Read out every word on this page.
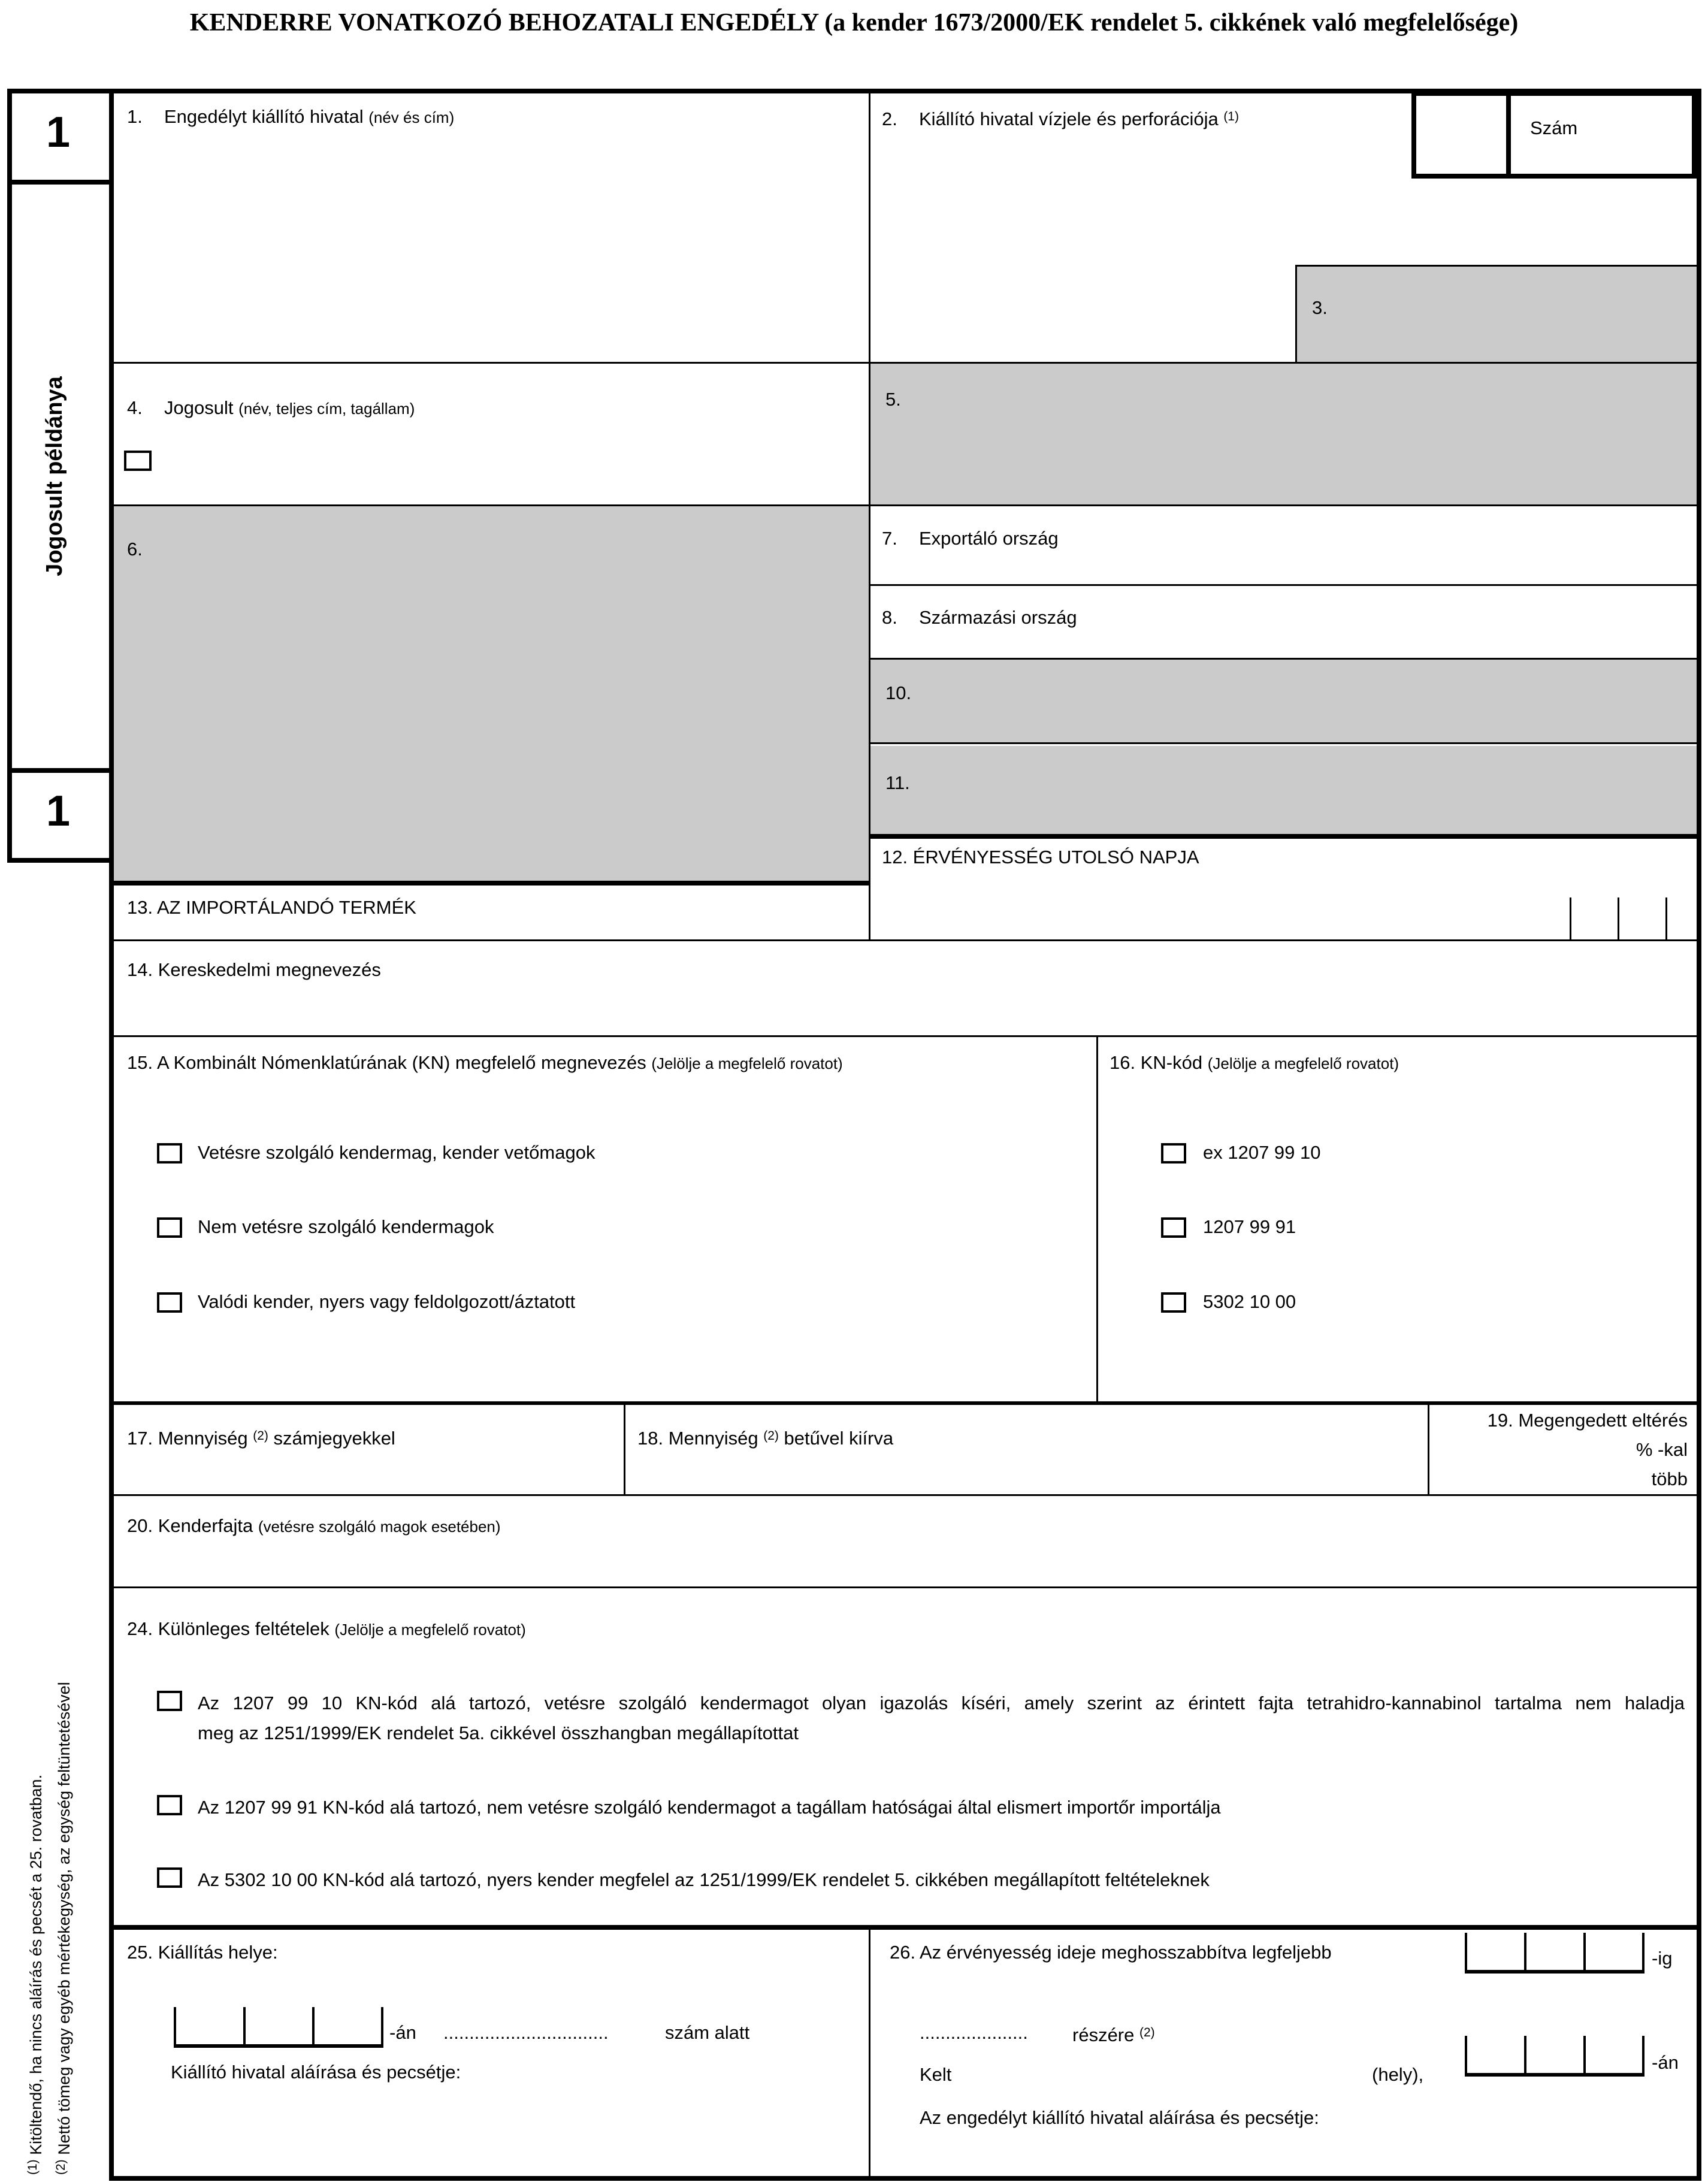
KENDERRE VONATKOZÓ BEHOZATALI ENGEDÉLY (a kender 1673/2000/EK rendelet 5. cikkének való megfelelősége)
1
Jogosult példánya
1
1. Engedélyt kiállító hivatal (név és cím)	2. Kiállító hivatal vízjele és perforációja $^{(1)}$
Szám
3.
4. Jogosult (név, teljes cím, tagállam)	5.
6.
7. Exportáló ország
8. Származási ország
10.
11.
12. ÉRVÉNYESSÉG UTOLSÓ NAPJA
13. AZ IMPORTÁLANDÓ TERMÉK
14. Kereskedelmi megnevezés
15. A Kombinált Nómenklatúrának (KN) megfelelő megnevezés (Jelölje a megfelelő rovatot)
Vetésre szolgáló kendermag, kender vetőmagok
Nem vetésre szolgáló kendermagok
Valódi kender, nyers vagy feldolgozott/áztatott
16. KN-kód (Jelölje a megfelelő rovatot)
ex 1207 99 10
1207 99 91
5302 10 00
17. Mennyiség $^{(2)}$ számjegyekkel	18. Mennyiség $^{(2)}$ betűvel kiírva
19. Megengedett eltérés
% -kal
több
20. Kenderfajta (vetésre szolgáló magok esetében)
24. Különleges feltételek (Jelölje a megfelelő rovatot)
Az 1207 99 10 KN-kód alá tartozó, vetésre szolgáló kendermagot olyan igazolás kíséri, amely szerint az érintett fajta tetrahidro-kannabinol tartalma nem haladja
meg az 1251/1999/EK rendelet 5a. cikkével összhangban megállapítottat
Az 1207 99 91 KN-kód alá tartozó, nem vetésre szolgáló kendermagot a tagállam hatóságai által elismert importőr importálja
Az 5302 10 00 KN-kód alá tartozó, nyers kender megfelel az 1251/1999/EK rendelet 5. cikkében megállapított feltételeknek
25. Kiállítás helye:
-án ................................	szám alatt
Kiállító hivatal aláírása és pecsétje:
26. Az érvényesség ideje meghosszabbítva legfeljebb	-ig
..................... részére $^{(2)}$
Kelt	(hely),
-án
Az engedélyt kiállító hivatal aláírása és pecsétje:
$^{(1)}$ Kitöltendő, ha nincs aláírás és pecsét a 25. rovatban.
$^{(2)}$ Nettó tömeg vagy egyéb mértékegység, az egység feltüntetésével
